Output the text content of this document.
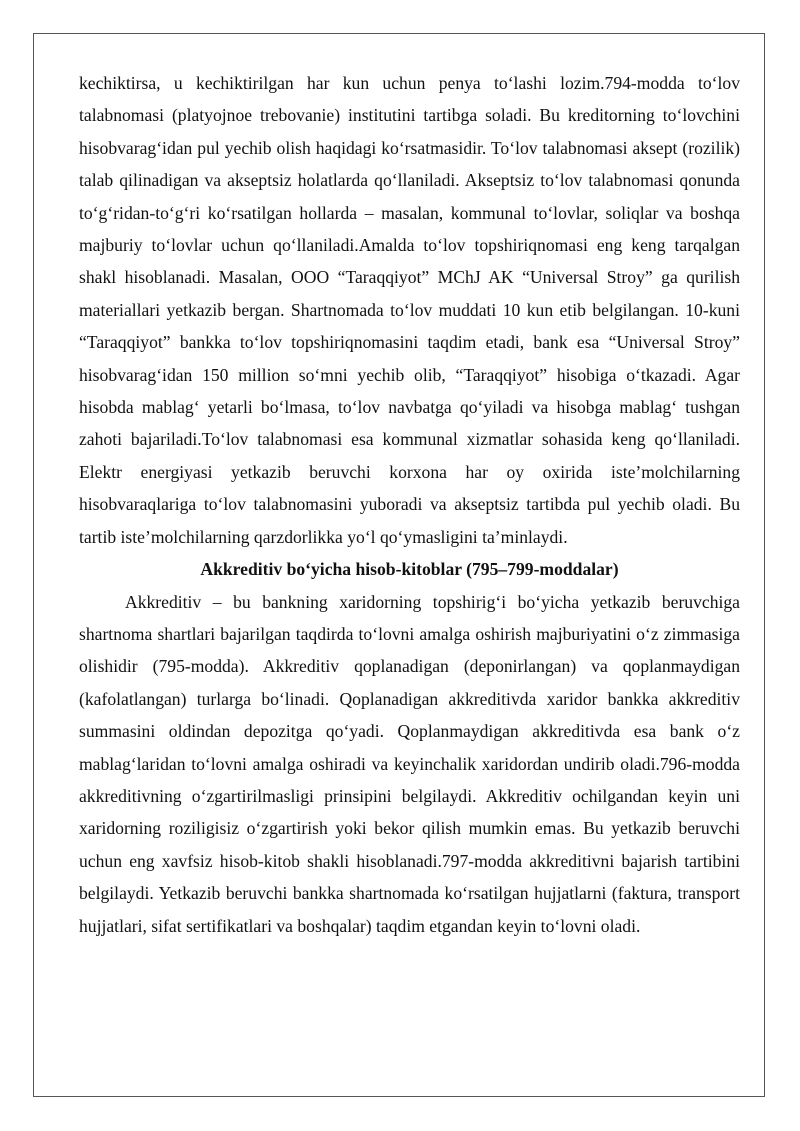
kechiktirsa, u kechiktirilgan har kun uchun penya to‘lashi lozim.794-modda to‘lov talabnomasi (platyojnoe trebovanie) institutini tartibga soladi. Bu kreditorning to‘lovchini hisobvarag‘idan pul yechib olish haqidagi ko‘rsatmasidir. To‘lov talabnomasi aksept (rozilik) talab qilinadigan va akseptsiz holatlarda qo‘llaniladi. Akseptsiz to‘lov talabnomasi qonunda to‘g‘ridan-to‘g‘ri ko‘rsatilgan hollarda – masalan, kommunal to‘lovlar, soliqlar va boshqa majburiy to‘lovlar uchun qo‘llaniladi.Amalda to‘lov topshiriqnomasi eng keng tarqalgan shakl hisoblanadi. Masalan, OOO “Taraqqiyot” MChJ AK “Universal Stroy” ga qurilish materiallari yetkazib bergan. Shartnomada to‘lov muddati 10 kun etib belgilangan. 10-kuni “Taraqqiyot” bankka to‘lov topshiriqnomasini taqdim etadi, bank esa “Universal Stroy” hisobvarag‘idan 150 million so‘mni yechib olib, “Taraqqiyot” hisobiga o‘tkazadi. Agar hisobda mablag‘ yetarli bo‘lmasa, to‘lov navbatga qo‘yiladi va hisobga mablag‘ tushgan zahoti bajariladi.To‘lov talabnomasi esa kommunal xizmatlar sohasida keng qo‘llaniladi. Elektr energiyasi yetkazib beruvchi korxona har oy oxirida iste’molchilarning hisobvaraqlariga to‘lov talabnomasini yuboradi va akseptsiz tartibda pul yechib oladi. Bu tartib iste’molchilarning qarzdorlikka yo‘l qo‘ymasligini ta’minlaydi.

Akkreditiv bo‘yicha hisob-kitoblar (795–799-moddalar)

Akkreditiv – bu bankning xaridorning topshirig‘i bo‘yicha yetkazib beruvchiga shartnoma shartlari bajarilgan taqdirda to‘lovni amalga oshirish majburiyatini o‘z zimmasiga olishidir (795-modda). Akkreditiv qoplanadigan (deponirlangan) va qoplanmaydigan (kafolatlangan) turlarga bo‘linadi. Qoplanadigan akkreditivda xaridor bankka akkreditiv summasini oldindan depozitga qo‘yadi. Qoplanmaydigan akkreditivda esa bank o‘z mablag‘laridan to‘lovni amalga oshiradi va keyinchalik xaridordan undirib oladi.796-modda akkreditivning o‘zgartirilmasligi prinsipini belgilaydi. Akkreditiv ochilgandan keyin uni xaridorning roziligisiz o‘zgartirish yoki bekor qilish mumkin emas. Bu yetkazib beruvchi uchun eng xavfsiz hisob-kitob shakli hisoblanadi.797-modda akkreditivni bajarish tartibini belgilaydi. Yetkazib beruvchi bankka shartnomada ko‘rsatilgan hujjatlarni (faktura, transport hujjatlari, sifat sertifikatlari va boshqalar) taqdim etgandan keyin to‘lovni oladi.
